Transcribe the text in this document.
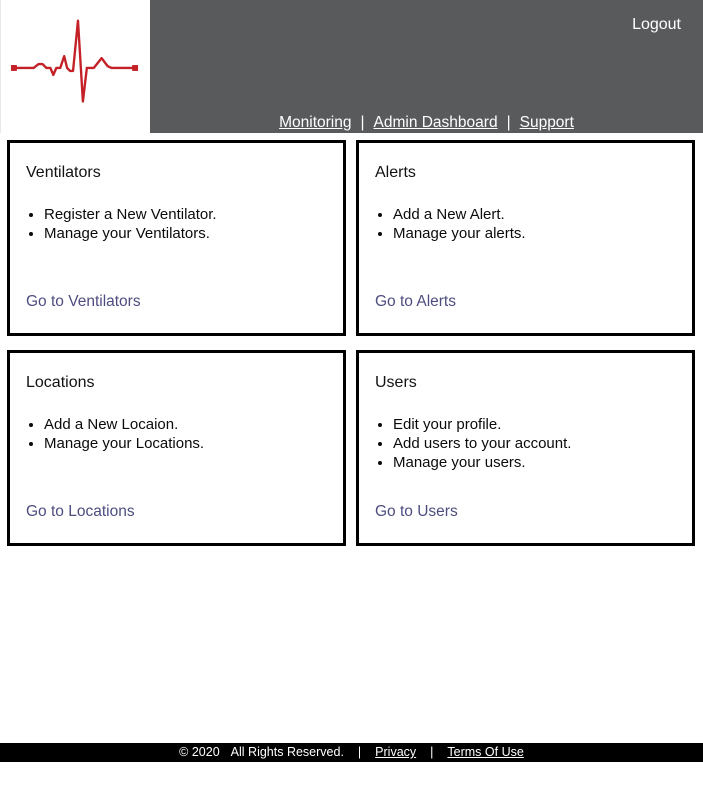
Logout
Monitoring | Admin Dashboard | Support
Ventilators
• Register a New Ventilator.
• Manage your Ventilators.
Go to Ventilators
Alerts
• Add a New Alert.
• Manage your alerts.
Go to Alerts
Locations
• Add a New Locaion.
• Manage your Locations.
Go to Locations
Users
• Edit your profile.
• Add users to your account.
• Manage your users.
Go to Users
© 2020 All Rights Reserved. | Privacy | Terms Of Use
